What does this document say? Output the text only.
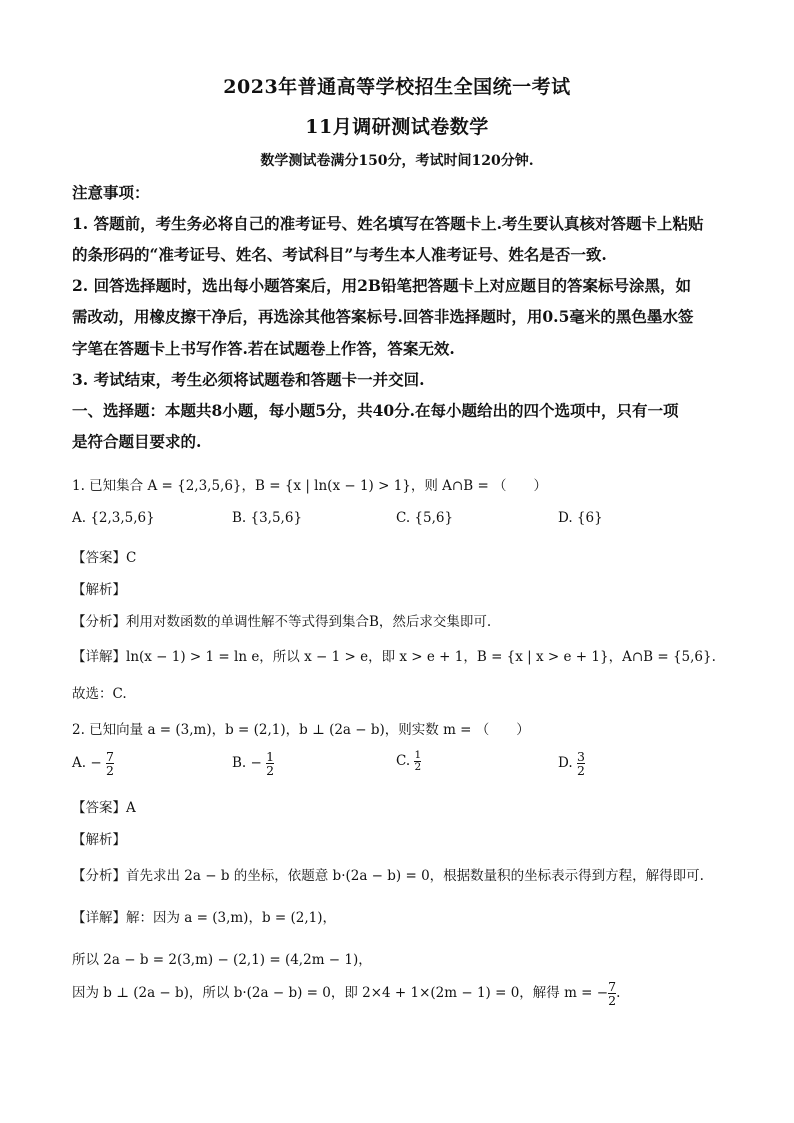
2023年普通高等学校招生全国统一考试
11月调研测试卷数学
数学测试卷满分150分，考试时间120分钟.
注意事项：
1. 答题前，考生务必将自己的准考证号、姓名填写在答题卡上.考生要认真核对答题卡上粘贴
的条形码的“准考证号、姓名、考试科目”与考生本人准考证号、姓名是否一致.
2. 回答选择题时，选出每小题答案后，用2B铅笔把答题卡上对应题目的答案标号涂黑，如
需改动，用橡皮擦干净后，再选涂其他答案标号.回答非选择题时，用0.5毫米的黑色墨水签
字笔在答题卡上书写作答.若在试题卷上作答，答案无效.
3. 考试结束，考生必须将试题卷和答题卡一并交回.
一、选择题：本题共8小题，每小题5分，共40分.在每小题给出的四个选项中，只有一项
是符合题目要求的.
1. 已知集合 A = {2,3,5,6}，B = {x | ln(x − 1) > 1}，则 A∩B = （　　）
A. {2,3,5,6}	B. {3,5,6}	C. {5,6}	D. {6}
【答案】C
【解析】
【分析】利用对数函数的单调性解不等式得到集合B，然后求交集即可.
【详解】ln(x − 1) > 1 = ln e，所以 x − 1 > e，即 x > e + 1，B = {x | x > e + 1}，A∩B = {5,6}.
故选：C.
2. 已知向量 a = (3,m)，b = (2,1)，b ⊥ (2a − b)，则实数 m = （　　）
A. − $\frac{7}{2}$	B. − $\frac{1}{2}$	C. $\frac{1}{2}$	D. $\frac{3}{2}$
【答案】A
【解析】
【分析】首先求出 2a − b 的坐标，依题意 b·(2a − b) = 0，根据数量积的坐标表示得到方程，解得即可.
【详解】解：因为 a = (3,m)，b = (2,1)，
所以 2a − b = 2(3,m) − (2,1) = (4,2m − 1)，
因为 b ⊥ (2a − b)，所以 b·(2a − b) = 0，即 2×4 + 1×(2m − 1) = 0，解得 m = − $\frac{7}{2}$ .
